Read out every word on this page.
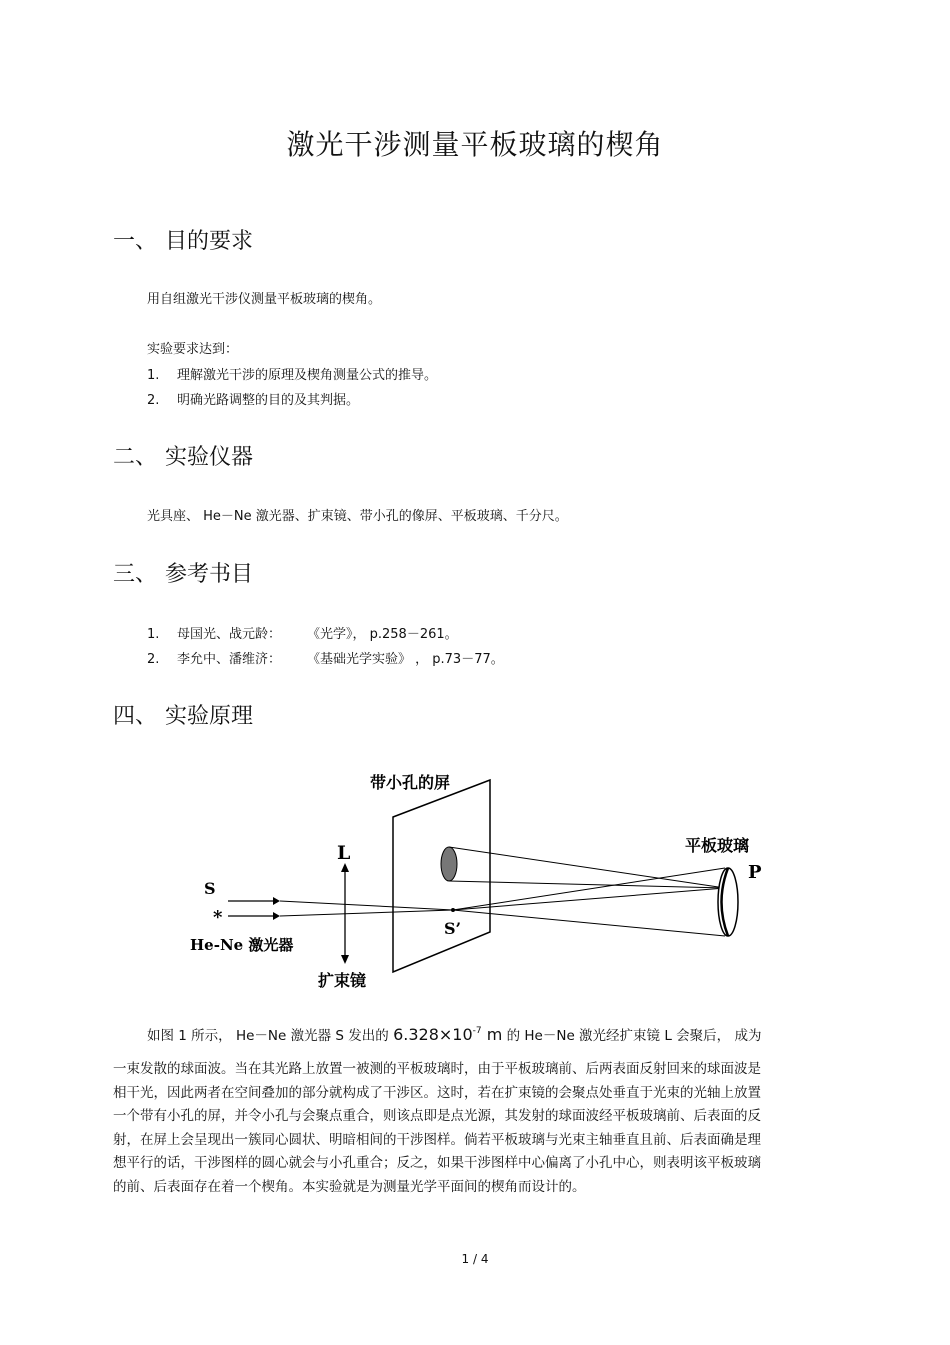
激光干涉测量平板玻璃的楔角
一、 目的要求
用自组激光干涉仪测量平板玻璃的楔角。
实验要求达到：
1. 理解激光干涉的原理及楔角测量公式的推导。
2. 明确光路调整的目的及其判据。
二、 实验仪器
光具座、 He－Ne 激光器、扩束镜、带小孔的像屏、平板玻璃、千分尺。
三、 参考书目
1. 母国光、战元龄： 《光学》， p.258－261。
2. 李允中、潘维济： 《基础光学实验》 ， p.73－77。
四、 实验原理
带小孔的屏
L
S
*
He-Ne 激光器
扩束镜
S’
平板玻璃
P
如图 1 所示， He－Ne 激光器 S 发出的 $6.328\times 10^{-7}$ m 的 He－Ne 激光经扩束镜 L 会聚后， 成为
一束发散的球面波。当在其光路上放置一被测的平板玻璃时，由于平板玻璃前、后两表面反射回来的球面波是相干光，因此两者在空间叠加的部分就构成了干涉区。这时，若在扩束镜的会聚点处垂直于光束的光轴上放置一个带有小孔的屏，并令小孔与会聚点重合，则该点即是点光源，其发射的球面波经平板玻璃前、后表面的反射，在屏上会呈现出一簇同心圆状、明暗相间的干涉图样。倘若平板玻璃与光束主轴垂直且前、后表面确是理想平行的话，干涉图样的圆心就会与小孔重合；反之，如果干涉图样中心偏离了小孔中心，则表明该平板玻璃的前、后表面存在着一个楔角。本实验就是为测量光学平面间的楔角而设计的。
1 / 4
